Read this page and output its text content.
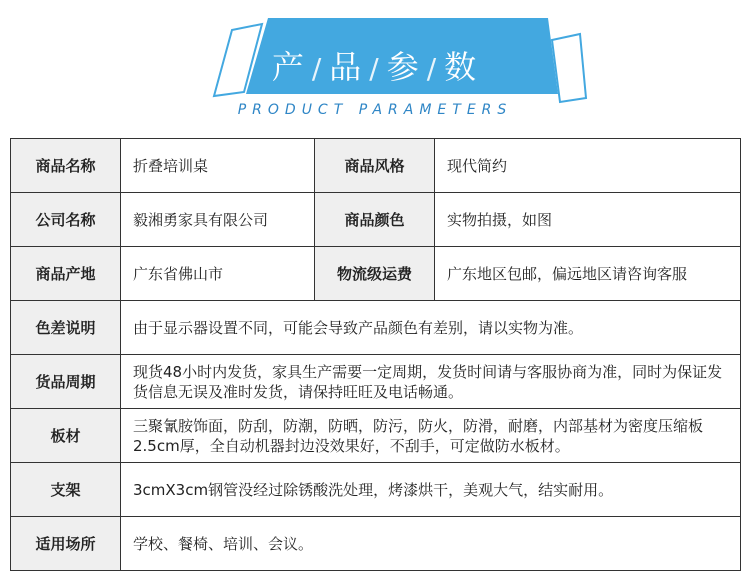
产 / 品 / 参 / 数
PRODUCT PARAMETERS
商品名称	折叠培训桌	商品风格	现代简约
公司名称	毅湘勇家具有限公司	商品颜色	实物拍摄，如图
商品产地	广东省佛山市	物流级运费	广东地区包邮，偏远地区请咨询客服
色差说明	由于显示器设置不同，可能会导致产品颜色有差别，请以实物为准。		
货品周期	现货48小时内发货，家具生产需要一定周期，发货时间请与客服协商为准，同时为保证发货信息无误及准时发货，请保持旺旺及电话畅通。		
板材	三聚氰胺饰面，防刮，防潮，防晒，防污，防火，防滑，耐磨，内部基材为密度压缩板2.5cm厚，全自动机器封边没效果好，不刮手，可定做防水板材。		
支架	3cmX3cm钢管没经过除锈酸洗处理，烤漆烘干，美观大气，结实耐用。		
适用场所	学校、餐椅、培训、会议。		
